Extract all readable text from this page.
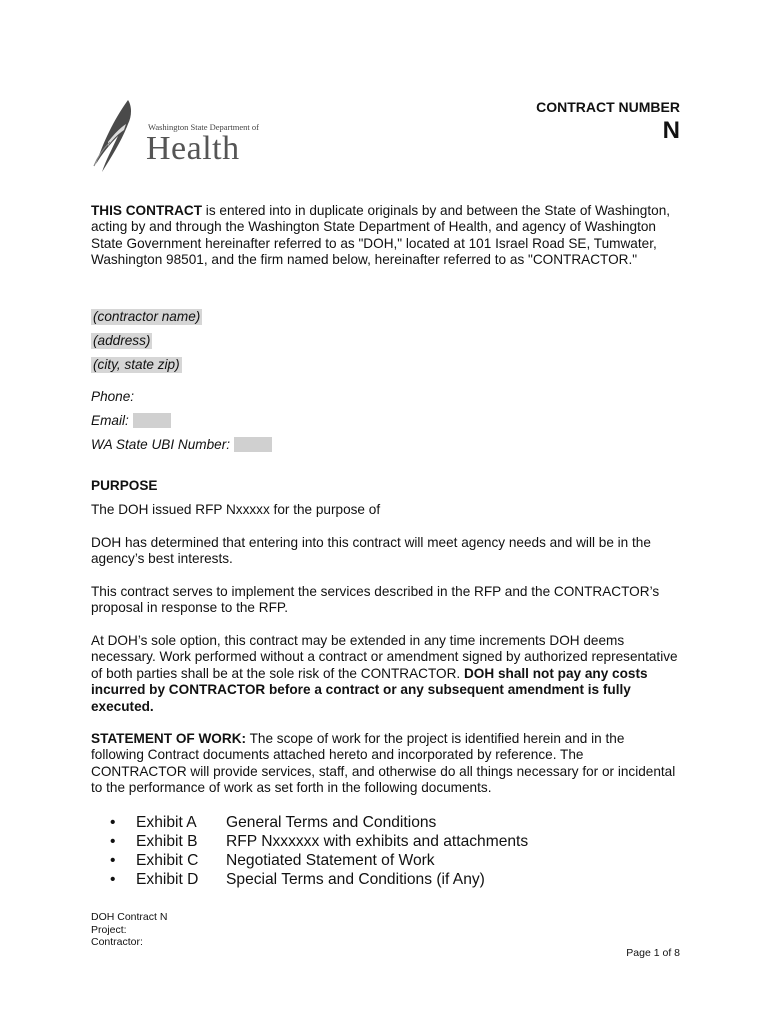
Washington State Department of
Health
CONTRACT NUMBER
N
THIS CONTRACT is entered into in duplicate originals by and between the State of Washington, acting by and through the Washington State Department of Health, and agency of Washington State Government hereinafter referred to as "DOH," located at 101 Israel Road SE, Tumwater, Washington 98501, and the firm named below, hereinafter referred to as "CONTRACTOR."
(contractor name)
(address)
(city, state zip)
Phone:
Email:
WA State UBI Number:
PURPOSE
The DOH issued RFP Nxxxxx for the purpose of
DOH has determined that entering into this contract will meet agency needs and will be in the agency’s best interests.
This contract serves to implement the services described in the RFP and the CONTRACTOR’s proposal in response to the RFP.
At DOH’s sole option, this contract may be extended in any time increments DOH deems necessary. Work performed without a contract or amendment signed by authorized representative of both parties shall be at the sole risk of the CONTRACTOR. DOH shall not pay any costs incurred by CONTRACTOR before a contract or any subsequent amendment is fully executed.
STATEMENT OF WORK: The scope of work for the project is identified herein and in the following Contract documents attached hereto and incorporated by reference. The CONTRACTOR will provide services, staff, and otherwise do all things necessary for or incidental to the performance of work as set forth in the following documents.
•	Exhibit A	General Terms and Conditions
•	Exhibit B	RFP Nxxxxxx with exhibits and attachments
•	Exhibit C	Negotiated Statement of Work
•	Exhibit D	Special Terms and Conditions (if Any)
DOH Contract N
Project:
Contractor:
Page 1 of 8
